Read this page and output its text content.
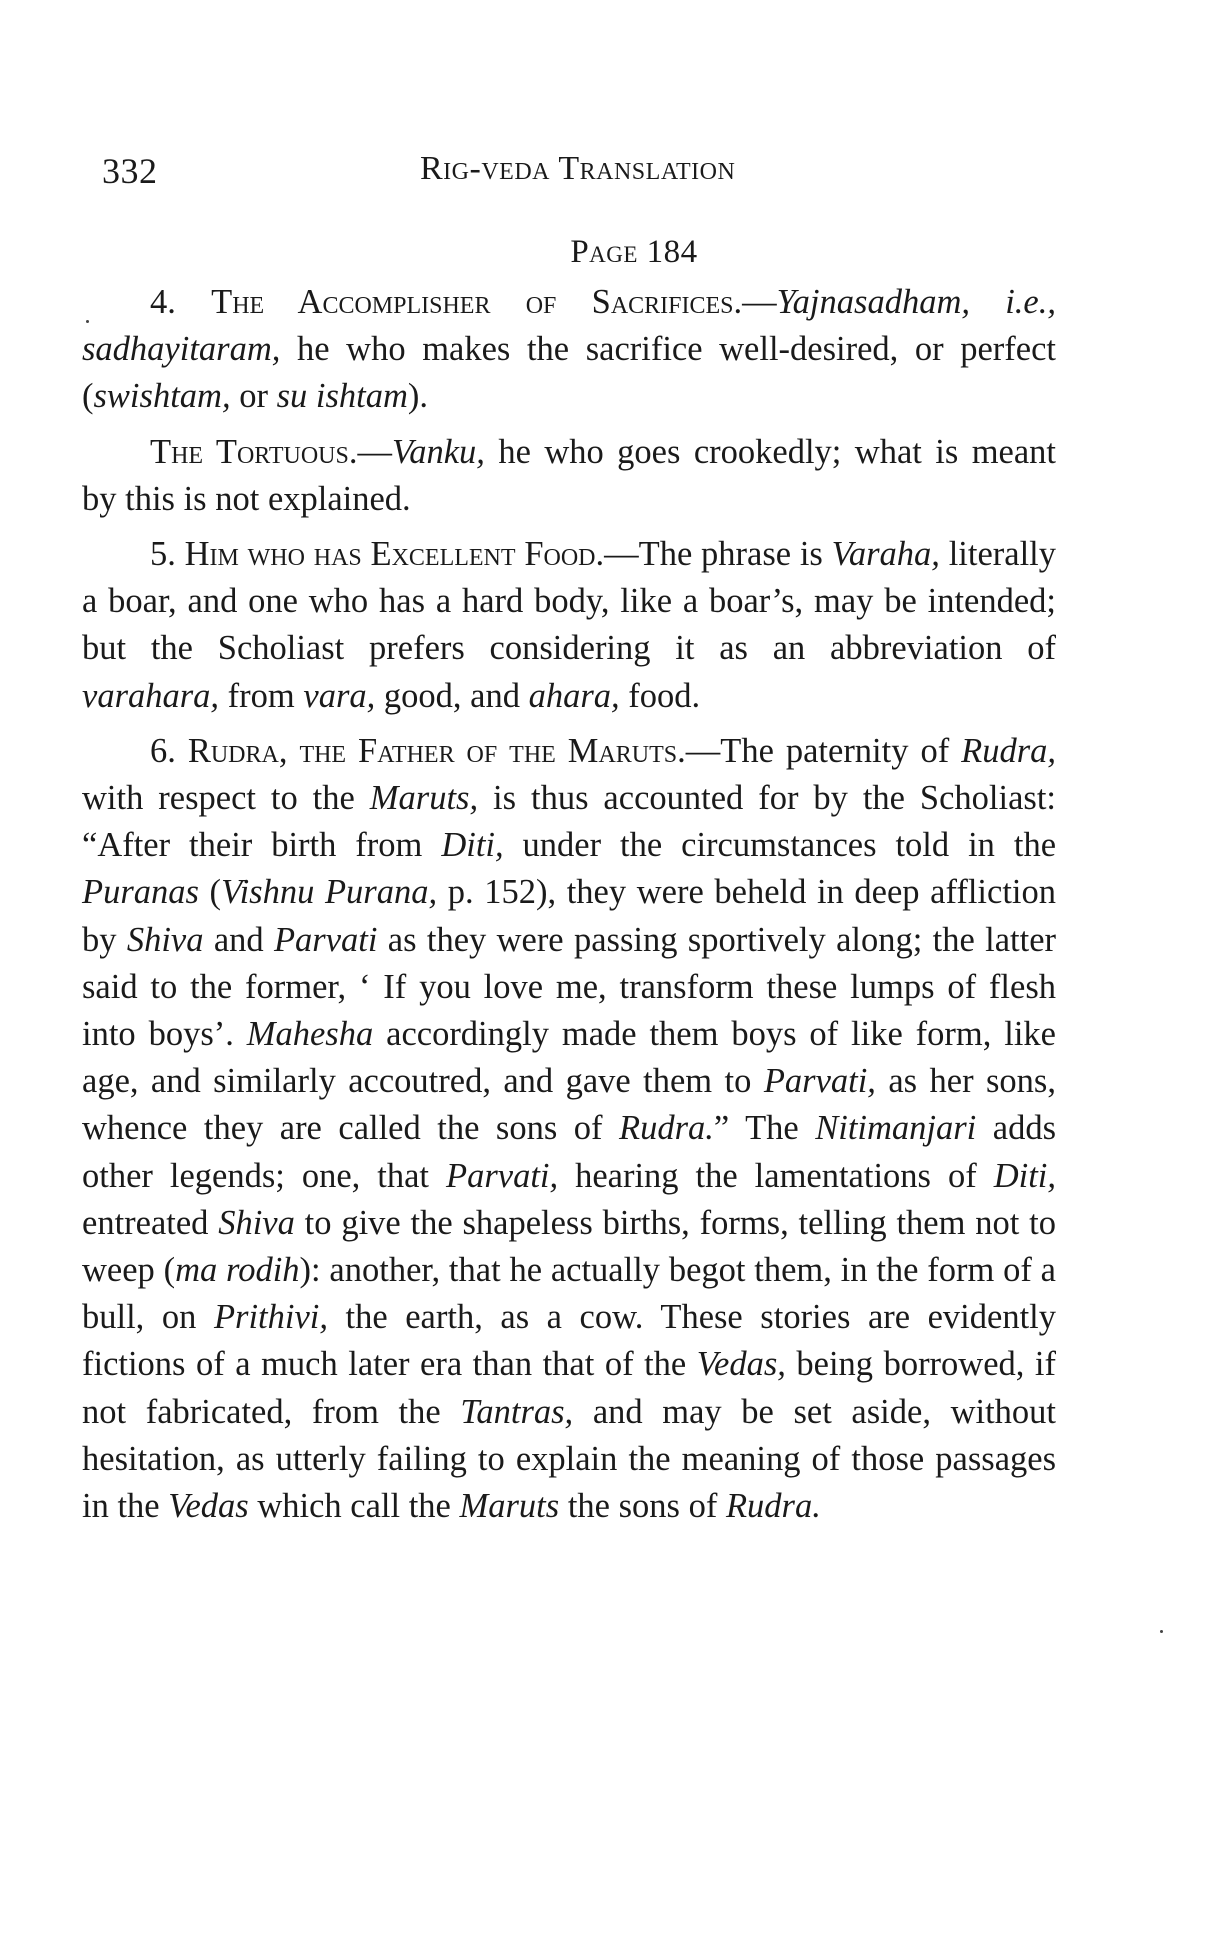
332	Rig-veda Translation
Page 184

4. The Accomplisher of Sacrifices.—Yajnasadham, i.e., sadhayitaram, he who makes the sacrifice well-desired, or perfect (swishtam, or su ishtam).

The Tortuous.—Vanku, he who goes crookedly; what is meant by this is not explained.

5. Him who has Excellent Food.—The phrase is Varaha, literally a boar, and one who has a hard body, like a boar’s, may be intended; but the Scholiast prefers considering it as an abbreviation of varahara, from vara, good, and ahara, food.

6. Rudra, the Father of the Maruts.—The paternity of Rudra, with respect to the Maruts, is thus accounted for by the Scholiast: “After their birth from Diti, under the circumstances told in the Puranas (Vishnu Purana, p. 152), they were beheld in deep affliction by Shiva and Parvati as they were passing sportively along; the latter said to the former, ‘ If you love me, transform these lumps of flesh into boys’. Mahesha accordingly made them boys of like form, like age, and similarly accoutred, and gave them to Parvati, as her sons, whence they are called the sons of Rudra.” The Nitimanjari adds other legends; one, that Parvati, hearing the lamentations of Diti, entreated Shiva to give the shapeless births, forms, telling them not to weep (ma rodih): another, that he actually begot them, in the form of a bull, on Prithivi, the earth, as a cow. These stories are evidently fictions of a much later era than that of the Vedas, being borrowed, if not fabricated, from the Tantras, and may be set aside, without hesitation, as utterly failing to explain the meaning of those passages in the Vedas which call the Maruts the sons of Rudra.
